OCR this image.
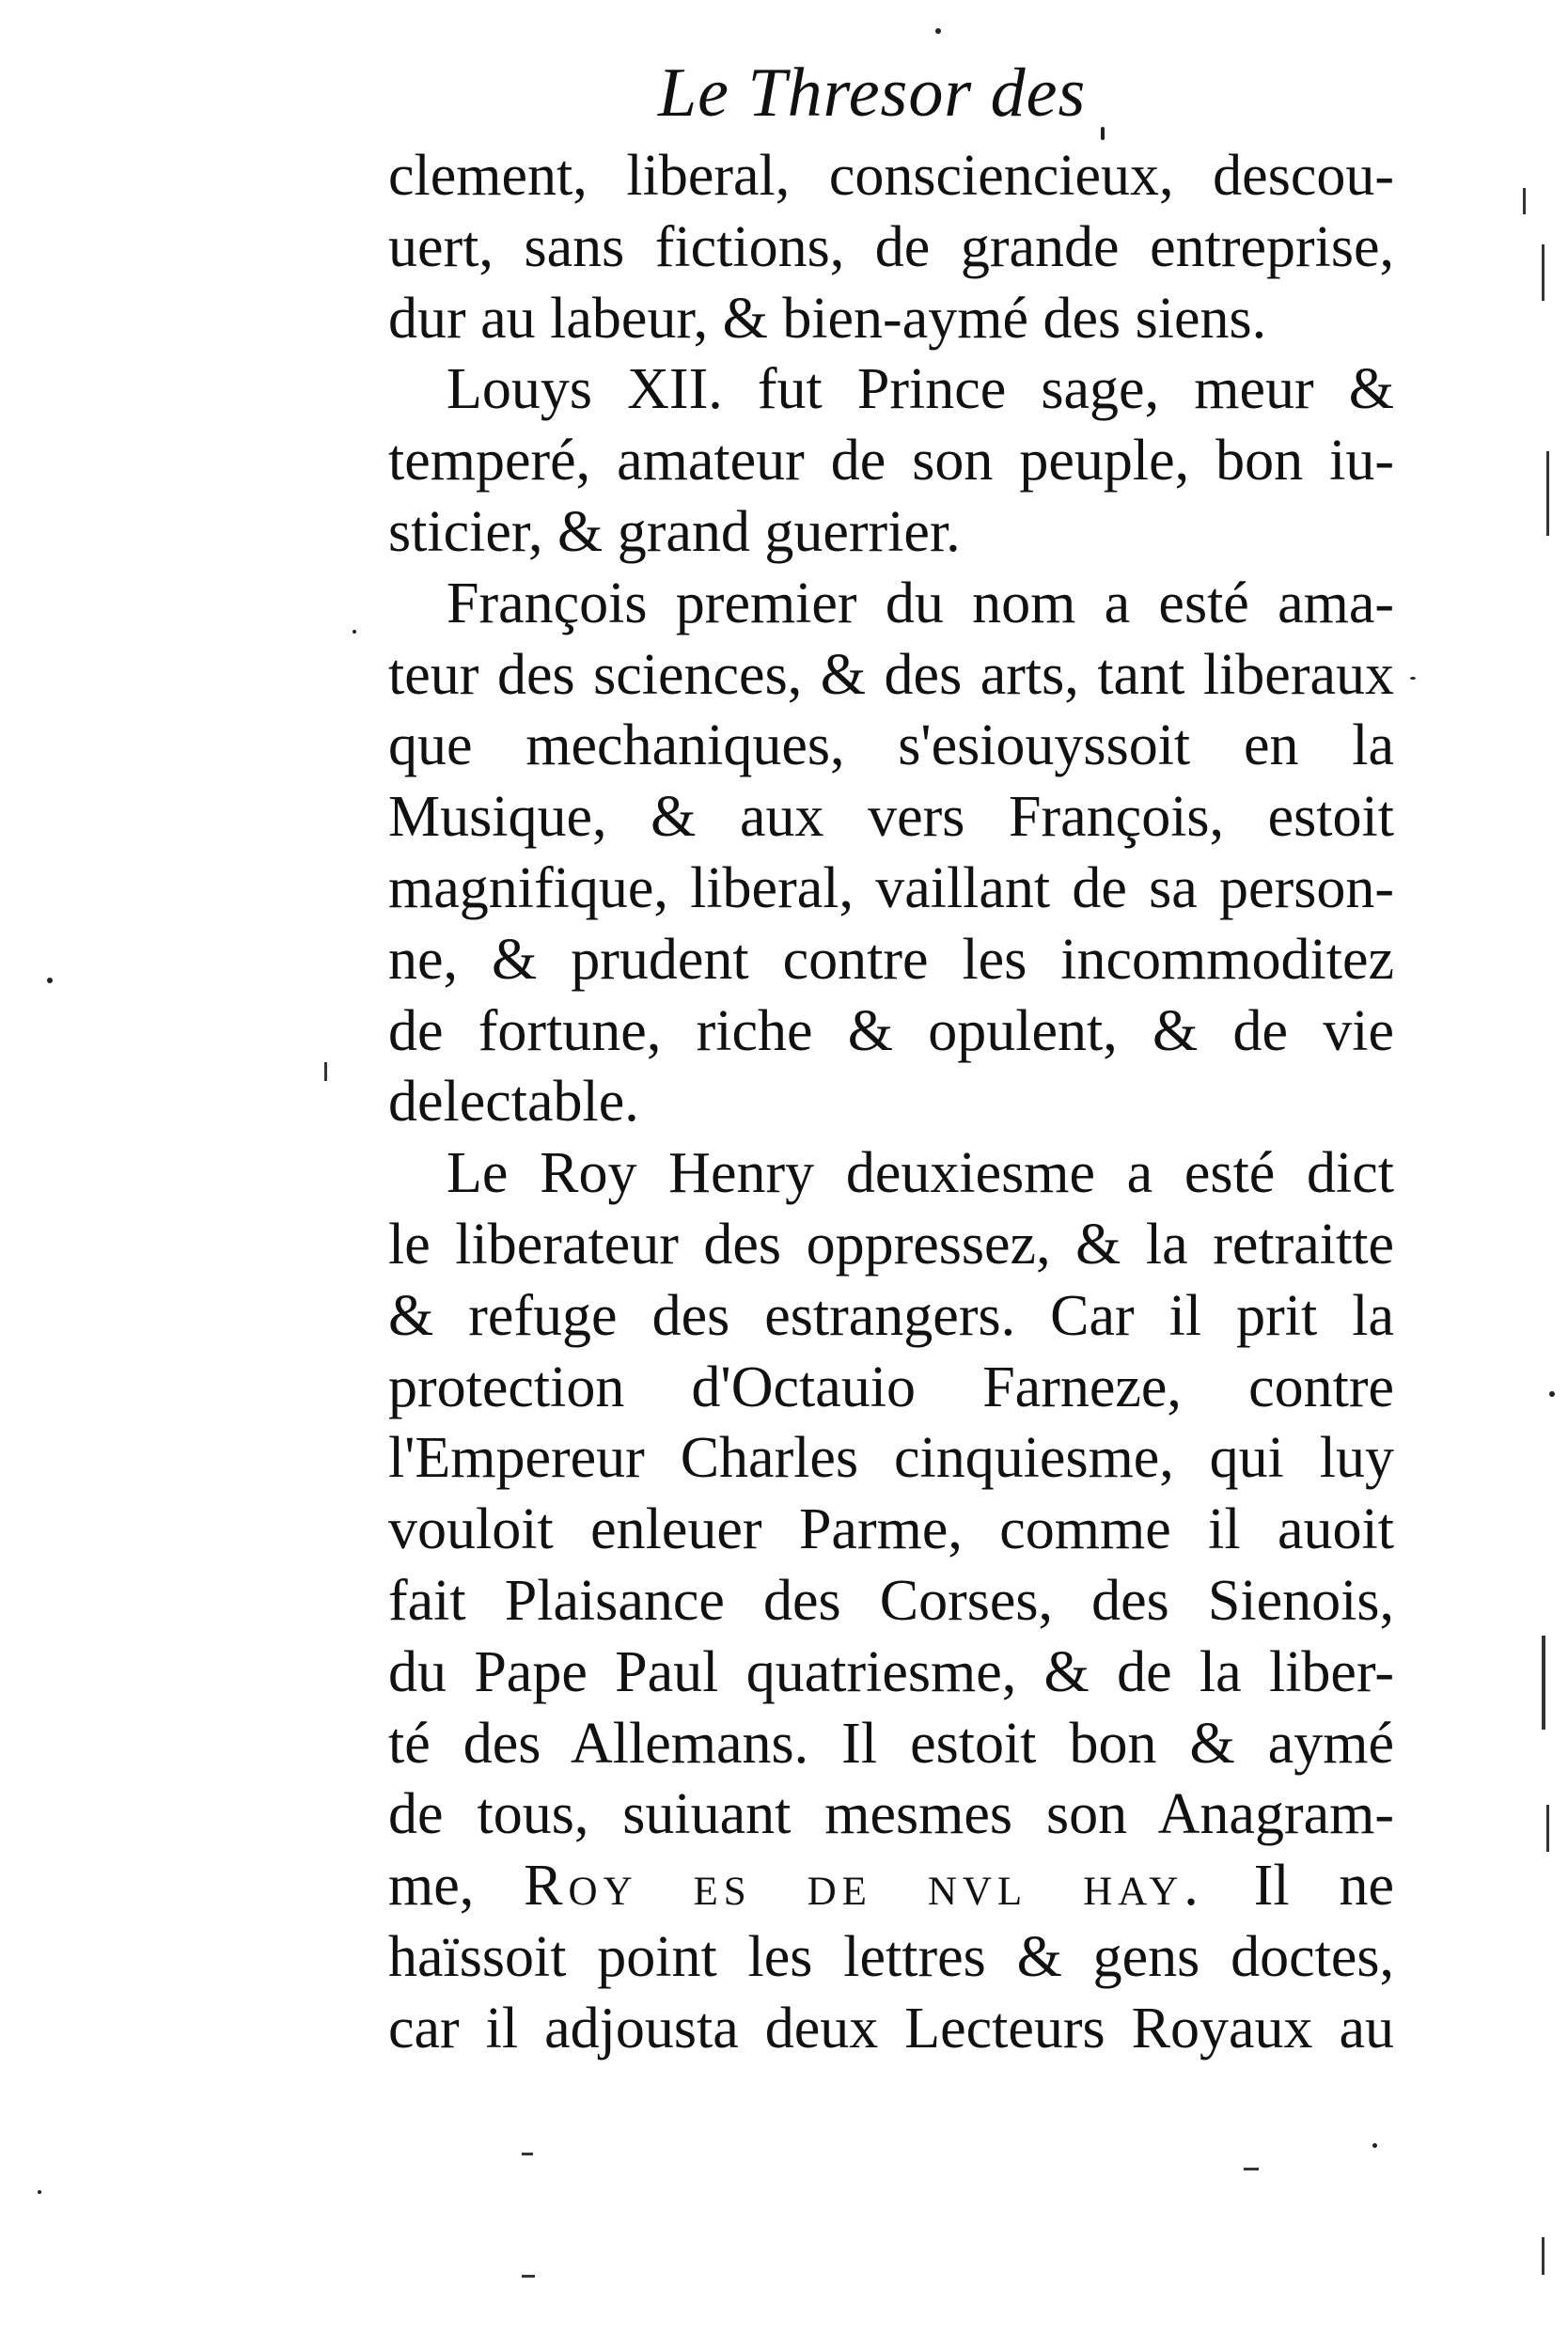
Le Thresor des
clement, liberal, consciencieux, descou-
uert, sans fictions, de grande entreprise,
dur au labeur, & bien-aymé des siens.
Louys XII. fut Prince sage, meur &
temperé, amateur de son peuple, bon iu-
sticier, & grand guerrier.
François premier du nom a esté ama-
teur des sciences, & des arts, tant liberaux
que mechaniques, s'esiouyssoit en la
Musique, & aux vers François, estoit
magnifique, liberal, vaillant de sa person-
ne, & prudent contre les incommoditez
de fortune, riche & opulent, & de vie
delectable.
Le Roy Henry deuxiesme a esté dict
le liberateur des oppressez, & la retraitte
& refuge des estrangers. Car il prit la
protection d'Octauio Farneze, contre
l'Empereur Charles cinquiesme, qui luy
vouloit enleuer Parme, comme il auoit
fait Plaisance des Corses, des Sienois,
du Pape Paul quatriesme, & de la liber-
té des Allemans. Il estoit bon & aymé
de tous, suiuant mesmes son Anagram-
me, Roy es de nvl hay. Il ne
haïssoit point les lettres & gens doctes,
car il adjousta deux Lecteurs Royaux au
